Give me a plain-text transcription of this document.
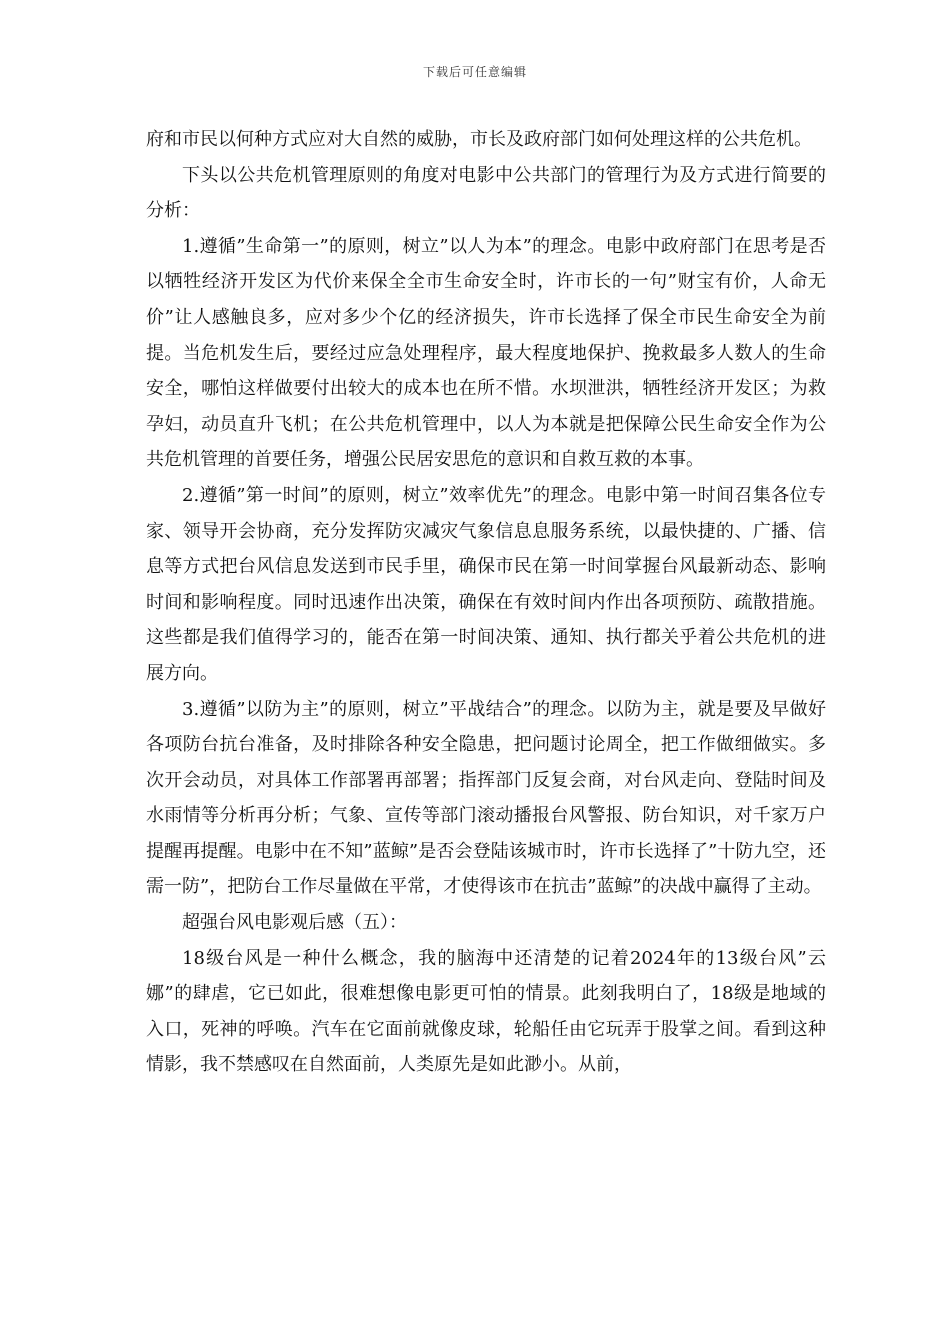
下载后可任意编辑

府和市民以何种方式应对大自然的威胁，市长及政府部门如何处理这样的公共危机。

下头以公共危机管理原则的角度对电影中公共部门的管理行为及方式进行简要的分析：

1.遵循”生命第一”的原则，树立”以人为本”的理念。电影中政府部门在思考是否以牺牲经济开发区为代价来保全全市生命安全时，许市长的一句”财宝有价，人命无价”让人感触良多，应对多少个亿的经济损失，许市长选择了保全市民生命安全为前提。当危机发生后，要经过应急处理程序，最大程度地保护、挽救最多人数人的生命安全，哪怕这样做要付出较大的成本也在所不惜。水坝泄洪，牺牲经济开发区；为救孕妇，动员直升飞机；在公共危机管理中，以人为本就是把保障公民生命安全作为公共危机管理的首要任务，增强公民居安思危的意识和自救互救的本事。

2.遵循”第一时间”的原则，树立”效率优先”的理念。电影中第一时间召集各位专家、领导开会协商，充分发挥防灾减灾气象信息息服务系统，以最快捷的、广播、信息等方式把台风信息发送到市民手里，确保市民在第一时间掌握台风最新动态、影响时间和影响程度。同时迅速作出决策，确保在有效时间内作出各项预防、疏散措施。这些都是我们值得学习的，能否在第一时间决策、通知、执行都关乎着公共危机的进展方向。

3.遵循”以防为主”的原则，树立”平战结合”的理念。以防为主，就是要及早做好各项防台抗台准备，及时排除各种安全隐患，把问题讨论周全，把工作做细做实。多次开会动员，对具体工作部署再部署；指挥部门反复会商，对台风走向、登陆时间及水雨情等分析再分析；气象、宣传等部门滚动播报台风警报、防台知识，对千家万户提醒再提醒。电影中在不知”蓝鲸”是否会登陆该城市时，许市长选择了”十防九空，还需一防”，把防台工作尽量做在平常，才使得该市在抗击”蓝鲸”的决战中赢得了主动。

超强台风电影观后感（五）：

18级台风是一种什么概念，我的脑海中还清楚的记着2024年的13级台风”云娜”的肆虐，它已如此，很难想像电影更可怕的情景。此刻我明白了，18级是地域的入口，死神的呼唤。汽车在它面前就像皮球，轮船任由它玩弄于股掌之间。看到这种情影，我不禁感叹在自然面前，人类原先是如此渺小。从前，
